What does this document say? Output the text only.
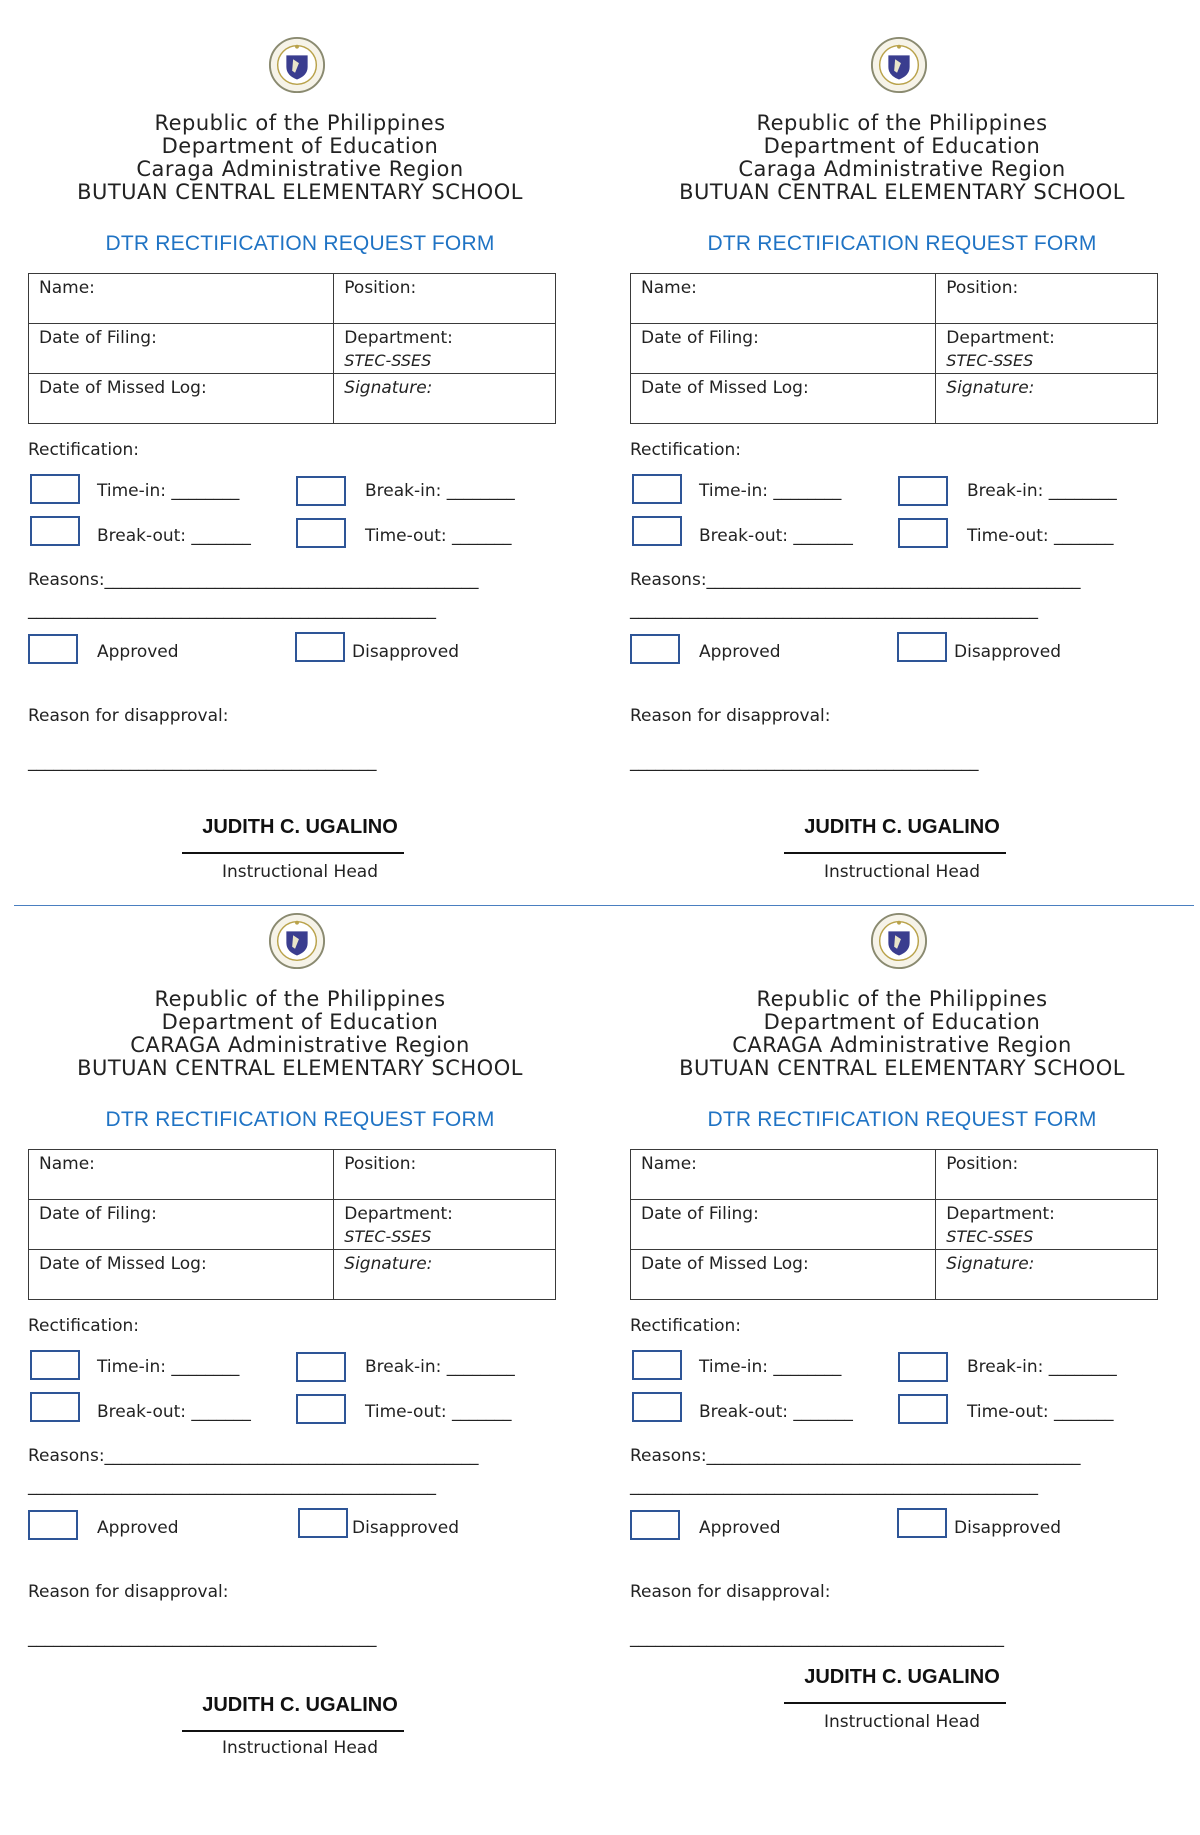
Republic of the Philippines
Department of Education
Caraga Administrative Region
BUTUAN CENTRAL ELEMENTARY SCHOOL
DTR RECTIFICATION REQUEST FORM
Name:	Position:
Date of Filing:	Department:
STEC-SSES

Date of Missed Log:	Signature:
Rectification:
Time-in: ________	Break-in: ________
Break-out: _______	Time-out: _______
Reasons:____________________________________________
________________________________________________
Approved	Disapproved
Reason for disapproval:
_________________________________________
JUDITH C. UGALINO
Instructional Head
Republic of the Philippines
Department of Education
Caraga Administrative Region
BUTUAN CENTRAL ELEMENTARY SCHOOL
DTR RECTIFICATION REQUEST FORM
Name:	Position:
Date of Filing:	Department:
STEC-SSES

Date of Missed Log:	Signature:
Rectification:
Time-in: ________	Break-in: ________
Break-out: _______	Time-out: _______
Reasons:____________________________________________
________________________________________________
Approved	Disapproved
Reason for disapproval:
_________________________________________
JUDITH C. UGALINO
Instructional Head
Republic of the Philippines
Department of Education
CARAGA Administrative Region
BUTUAN CENTRAL ELEMENTARY SCHOOL
DTR RECTIFICATION REQUEST FORM
Name:	Position:
Date of Filing:	Department:
STEC-SSES

Date of Missed Log:	Signature:
Rectification:
Time-in: ________	Break-in: ________
Break-out: _______	Time-out: _______
Reasons:____________________________________________
________________________________________________
Approved	Disapproved
Reason for disapproval:
_________________________________________
JUDITH C. UGALINO
Instructional Head
Republic of the Philippines
Department of Education
CARAGA Administrative Region
BUTUAN CENTRAL ELEMENTARY SCHOOL
DTR RECTIFICATION REQUEST FORM
Name:	Position:
Date of Filing:	Department:
STEC-SSES

Date of Missed Log:	Signature:
Rectification:
Time-in: ________	Break-in: ________
Break-out: _______	Time-out: _______
Reasons:____________________________________________
________________________________________________
Approved	Disapproved
Reason for disapproval:
____________________________________________
JUDITH C. UGALINO
Instructional Head
